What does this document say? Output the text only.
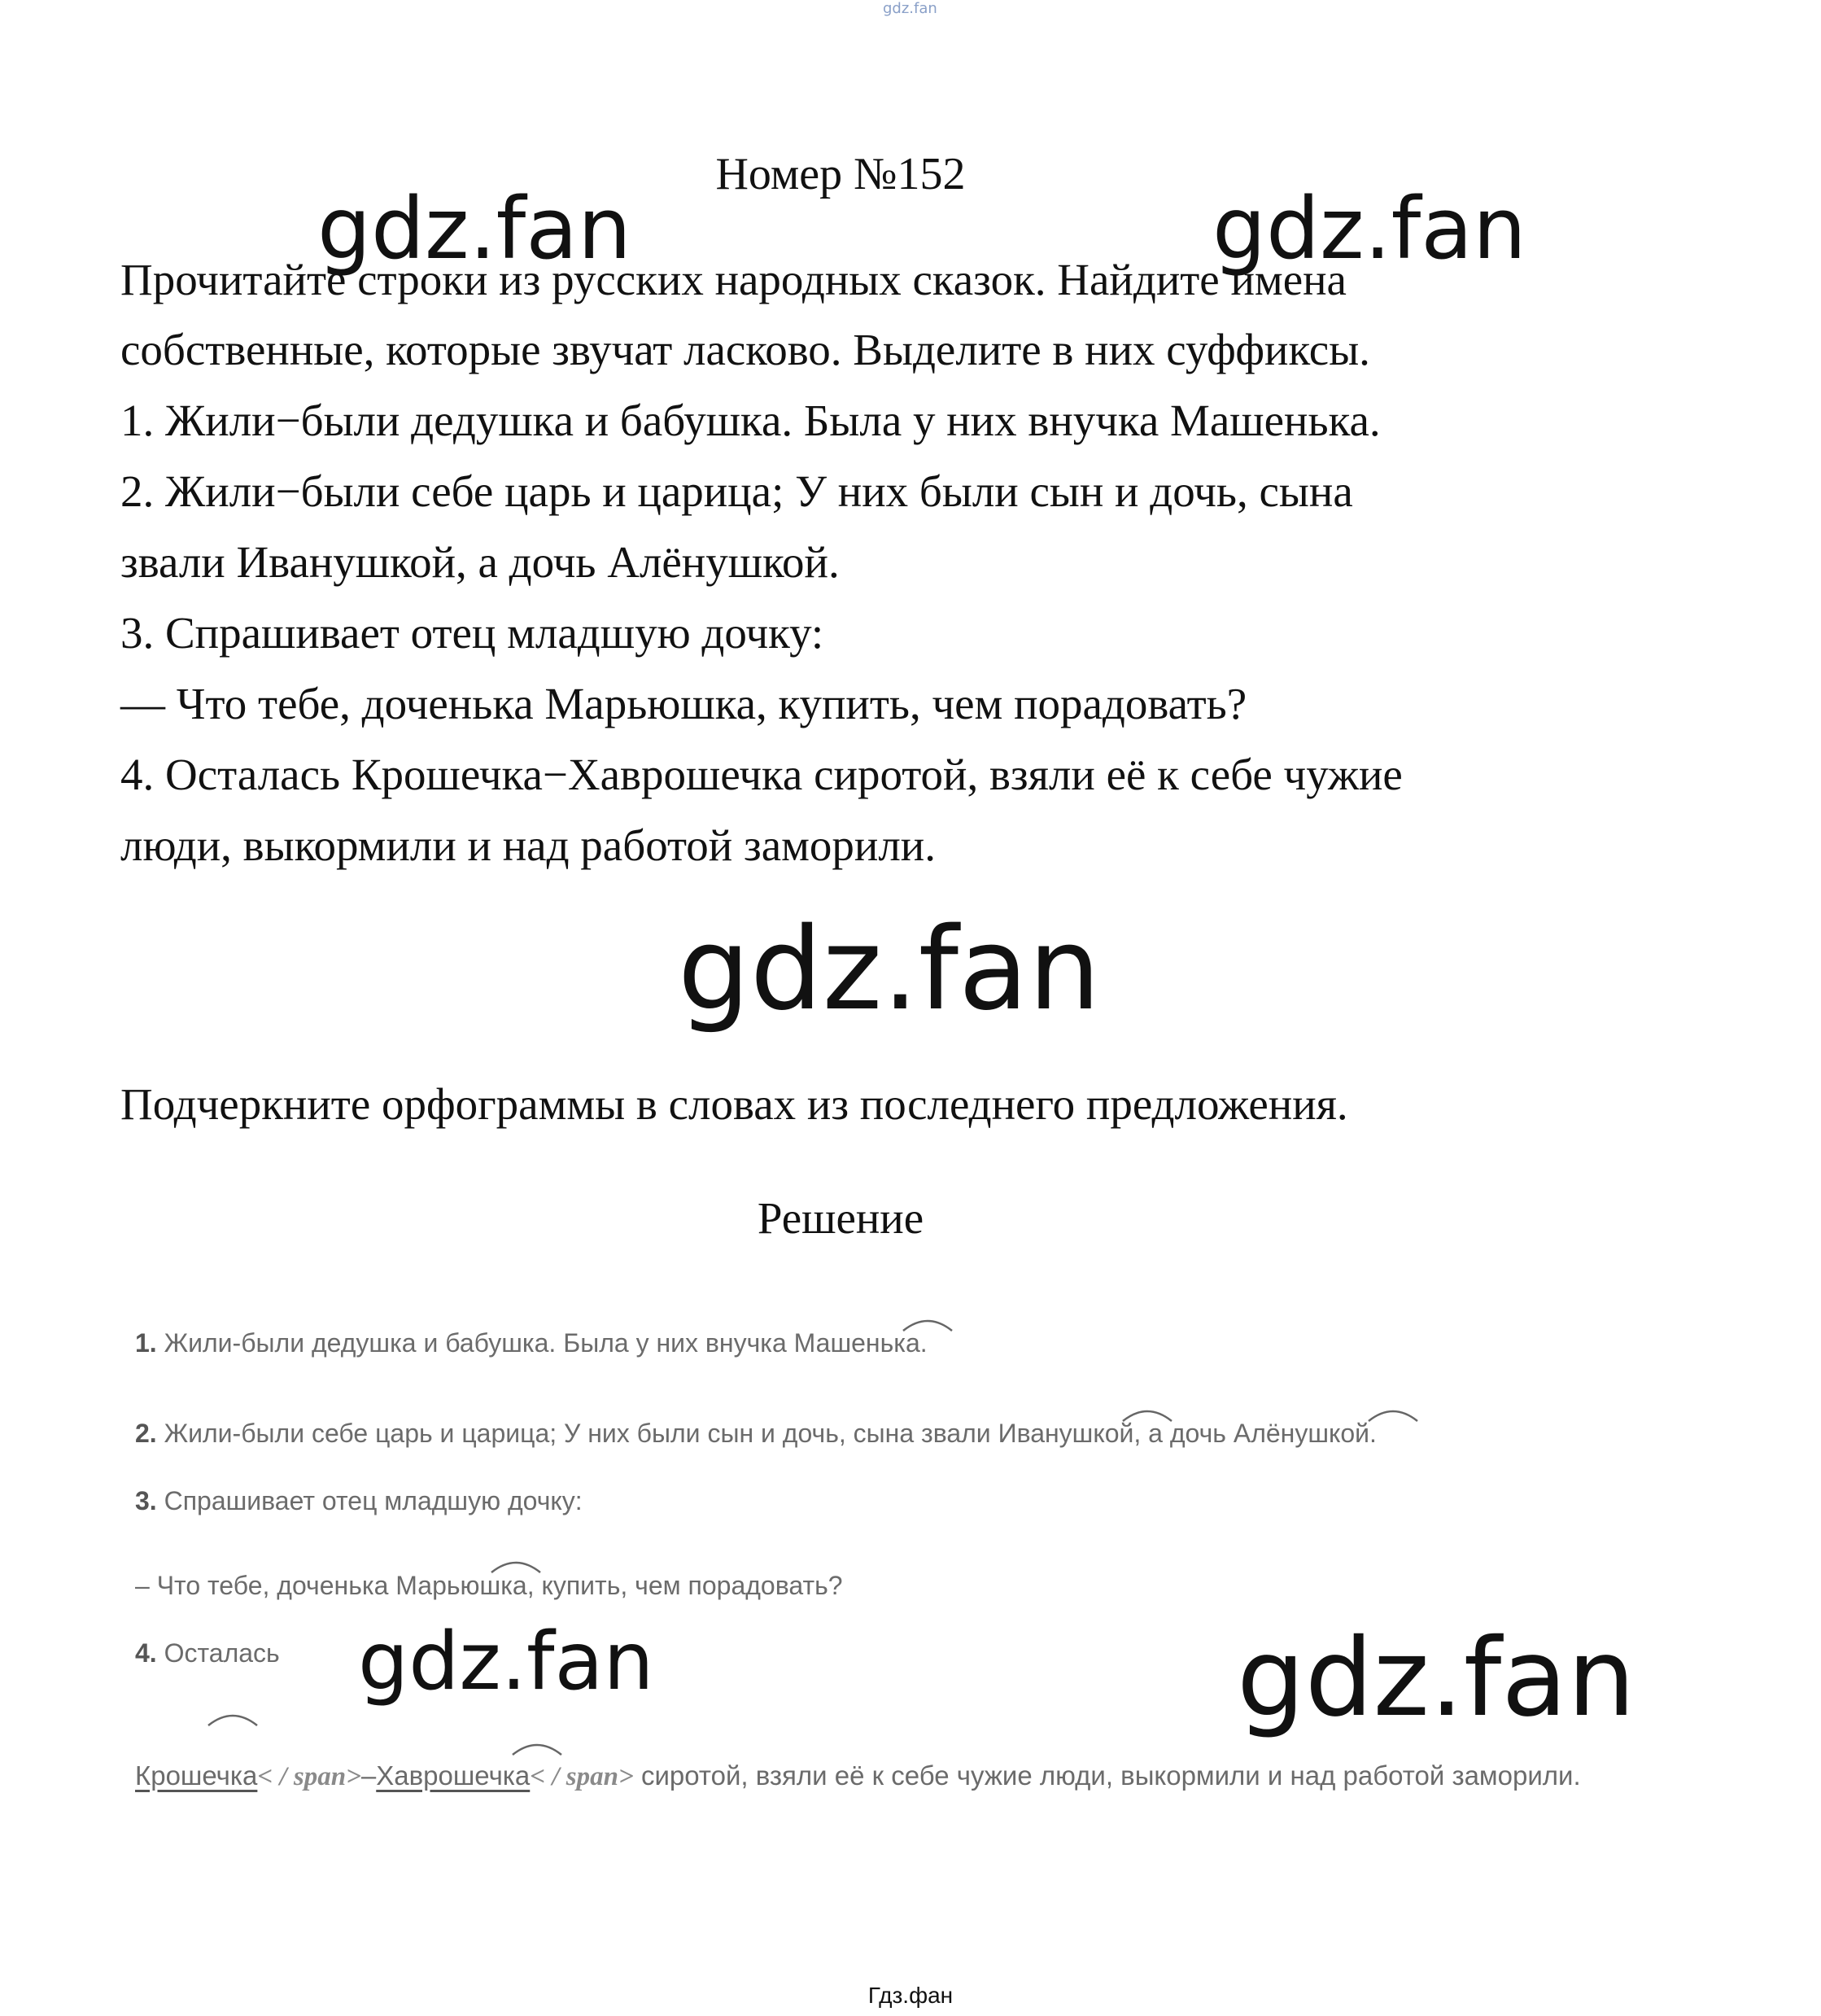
gdz.fan
Номер №152
gdz.fan	gdz.fan
Прочитайте строки из русских народных сказок. Найдите имена
собственные, которые звучат ласково. Выделите в них суффиксы.
1. Жили−были дедушка и бабушка. Была у них внучка Машенька.
2. Жили−были себе царь и царица; У них были сын и дочь, сына
звали Иванушкой, а дочь Алёнушкой.
3. Спрашивает отец младшую дочку:
— Что тебе, доченька Марьюшка, купить, чем порадовать?
4. Осталась Крошечка−Хаврошечка сиротой, взяли её к себе чужие
люди, выкормили и над работой заморили.
gdz.fan
Подчеркните орфограммы в словах из последнего предложения.
Решение
1. Жили-были дедушка и бабушка. Была у них внучка Машенька.
2. Жили-были себе царь и царица; У них были сын и дочь, сына звали Иванушкой, а дочь Алёнушкой.
3. Спрашивает отец младшую дочку:
– Что тебе, доченька Марьюшка, купить, чем порадовать?
4. Осталась gdz.fan	gdz.fan
Крошечка< / span>–Хаврошечка< / span> сиротой, взяли её к себе чужие люди, выкормили и над работой заморили.
Гдз.фан
